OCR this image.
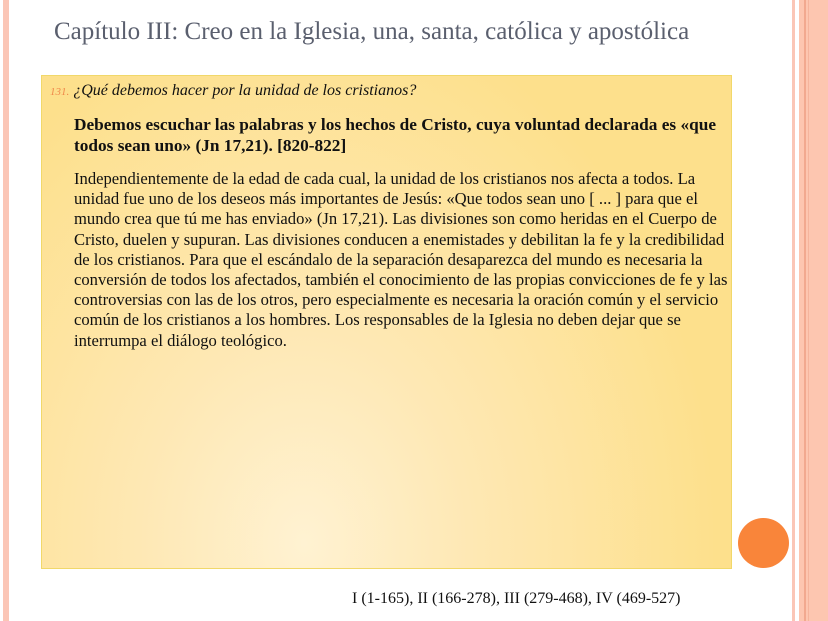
Capítulo III: Creo en la Iglesia, una, santa, católica y apostólica
131. ¿Qué debemos hacer por la unidad de los cristianos?
Debemos escuchar las palabras y los hechos de Cristo, cuya voluntad declarada es «que todos sean uno» (Jn 17,21). [820-822]
Independientemente de la edad de cada cual, la unidad de los cristianos nos afecta a todos. La unidad fue uno de los deseos más importantes de Jesús: «Que todos sean uno [ ... ] para que el mundo crea que tú me has enviado» (Jn 17,21). Las divisiones son como heridas en el Cuerpo de Cristo, duelen y supuran. Las divisiones conducen a enemistades y debilitan la fe y la credibilidad de los cristianos. Para que el escándalo de la separación desaparezca del mundo es necesaria la conversión de todos los afectados, también el conocimiento de las propias convicciones de fe y las controversias con las de los otros, pero especialmente es necesaria la oración común y el servicio común de los cristianos a los hombres. Los responsables de la Iglesia no deben dejar que se interrumpa el diálogo teológico.
I (1-165), II (166-278), III (279-468), IV (469-527)
